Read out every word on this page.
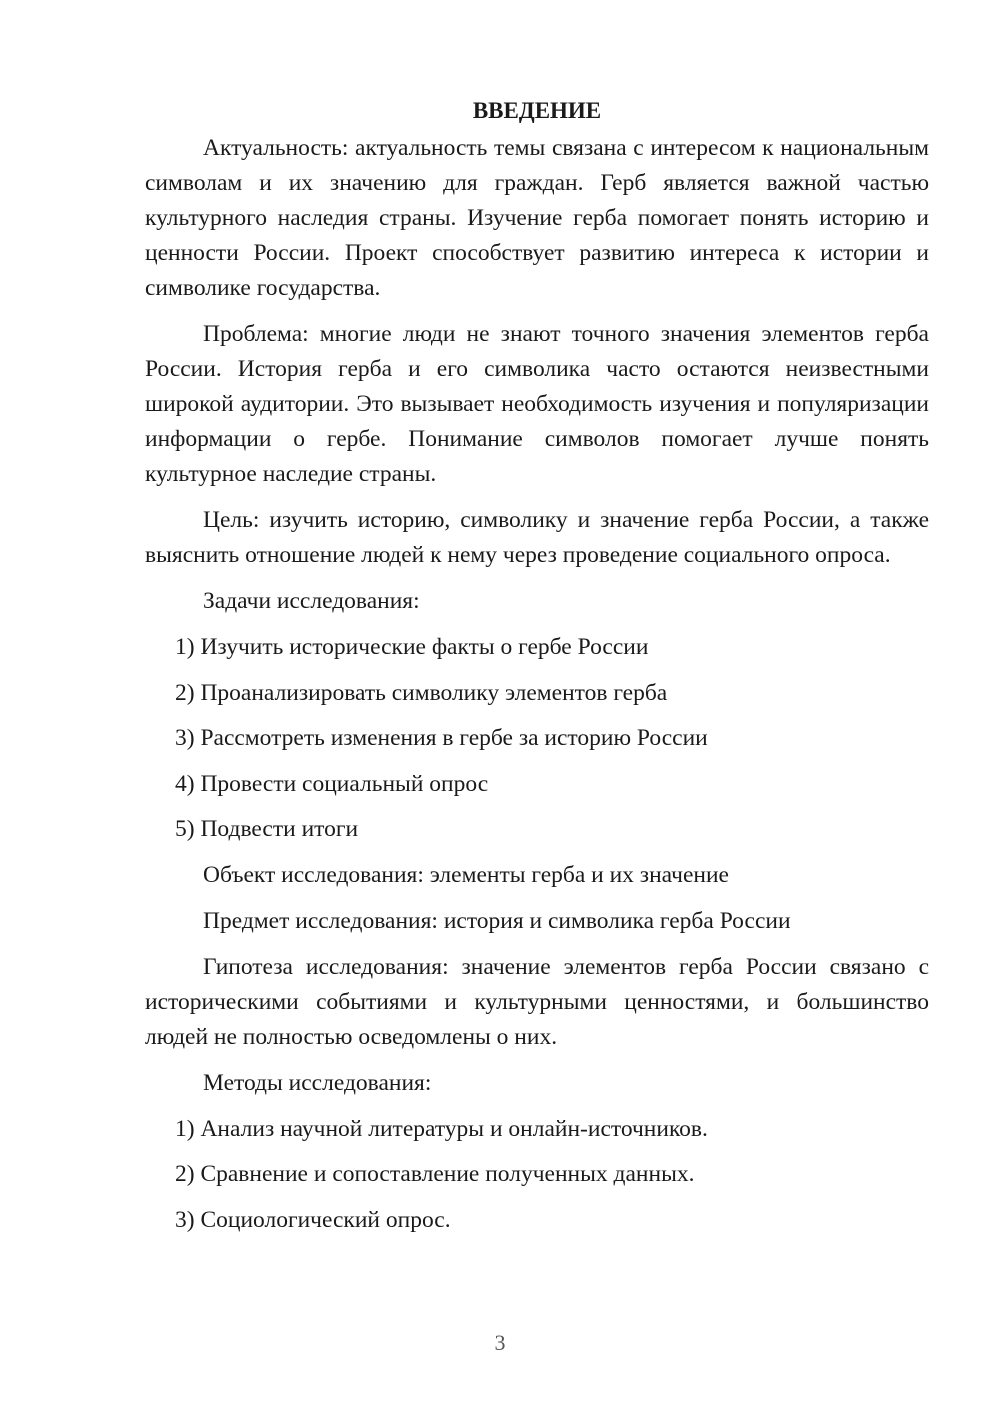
ВВЕДЕНИЕ

Актуальность: актуальность темы связана с интересом к национальным символам и их значению для граждан. Герб является важной частью культурного наследия страны. Изучение герба помогает понять историю и ценности России. Проект способствует развитию интереса к истории и символике государства.

Проблема: многие люди не знают точного значения элементов герба России. История герба и его символика часто остаются неизвестными широкой аудитории. Это вызывает необходимость изучения и популяризации информации о гербе. Понимание символов помогает лучше понять культурное наследие страны.

Цель: изучить историю, символику и значение герба России, а также выяснить отношение людей к нему через проведение социального опроса.

Задачи исследования:
1) Изучить исторические факты о гербе России
2) Проанализировать символику элементов герба
3) Рассмотреть изменения в гербе за историю России
4) Провести социальный опрос
5) Подвести итоги
Объект исследования: элементы герба и их значение
Предмет исследования: история и символика герба России

Гипотеза исследования: значение элементов герба России связано с историческими событиями и культурными ценностями, и большинство людей не полностью осведомлены о них.

Методы исследования:
1) Анализ научной литературы и онлайн-источников.
2) Сравнение и сопоставление полученных данных.
3) Социологический опрос.
3
